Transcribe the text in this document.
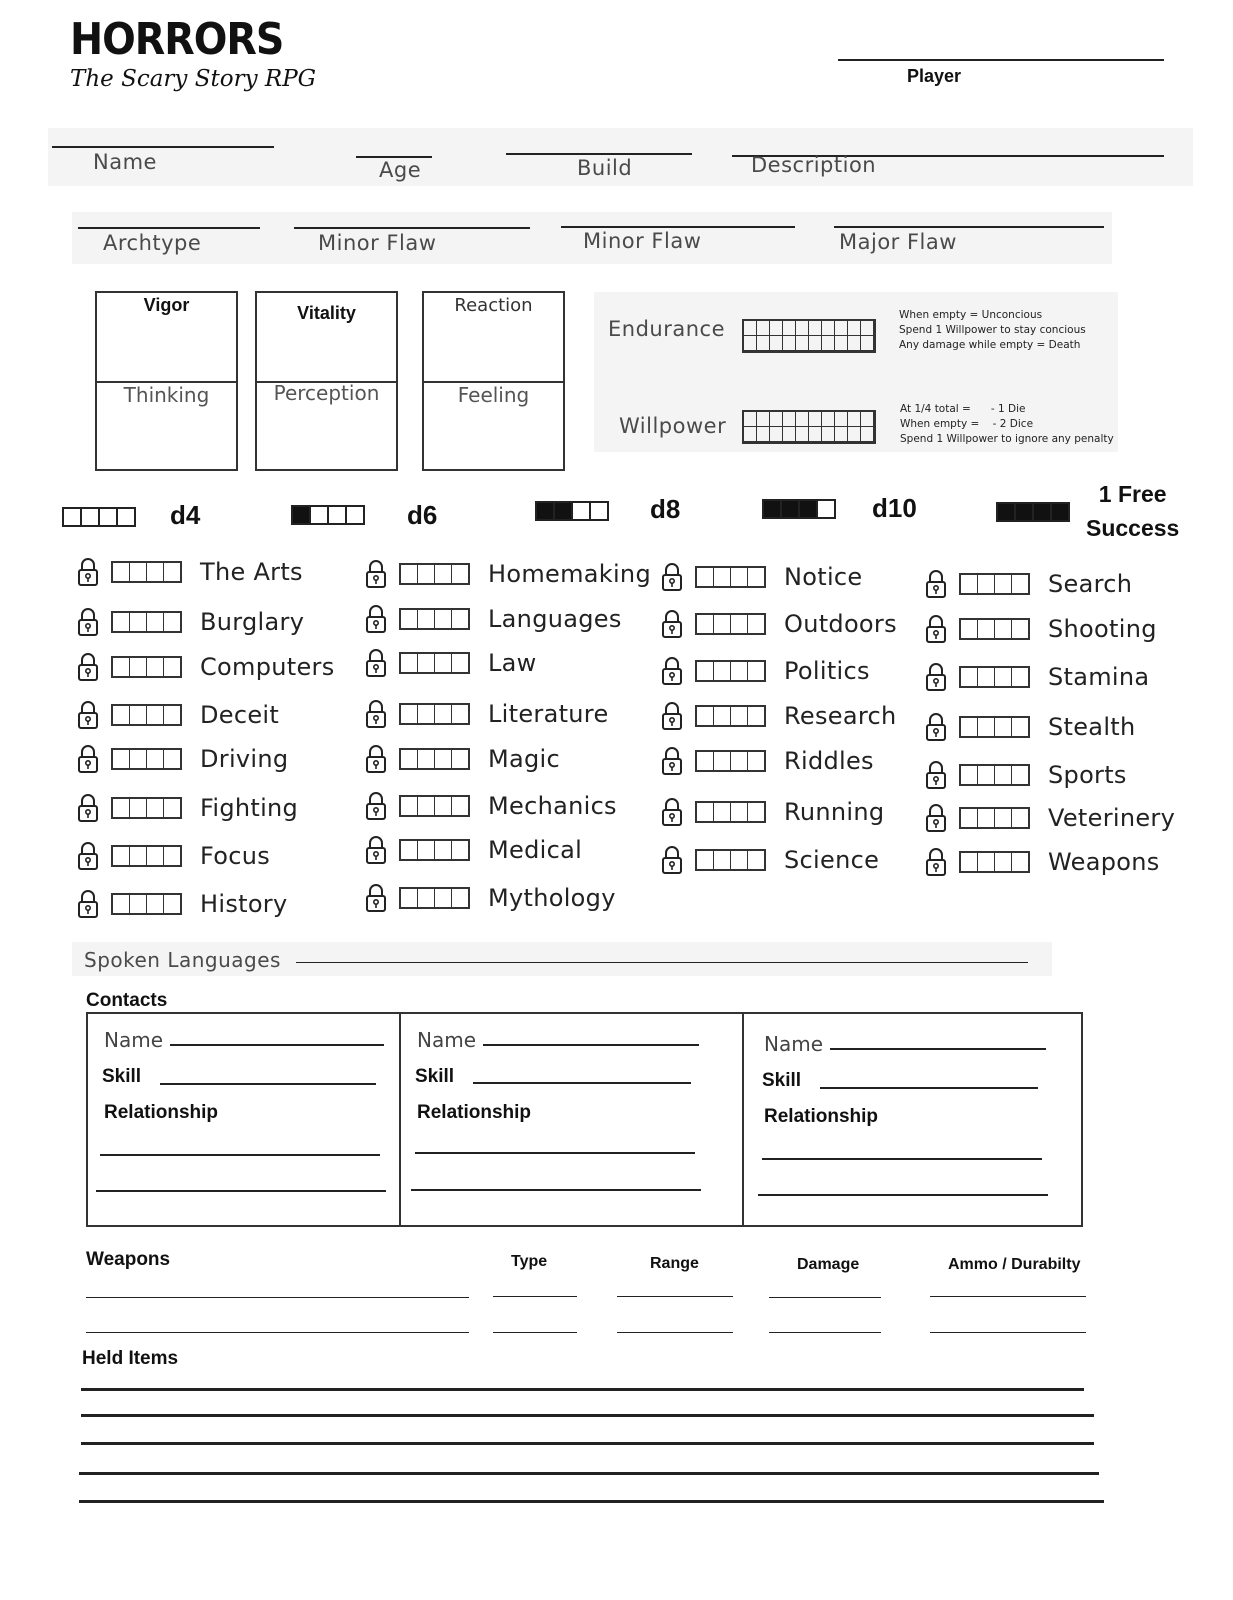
HORRORS
The Scary Story RPG	Player
Name	Age	Build	Description
Archtype	Minor Flaw	Minor Flaw	Major Flaw
Vigor
Thinking
Vitality
Perception
Reaction
Feeling
Endurance
When empty = Unconcious
Spend 1 Willpower to stay concious
Any damage while empty = Death
Willpower
At 1/4 total =      - 1 Die
When empty =    - 2 Dice
Spend 1 Willpower to ignore any penalty
d4	d6	d8	d10	1 Free
Success
The Arts
Burglary
Computers
Deceit
Driving
Fighting
Focus
History
Homemaking
Languages
Law
Literature
Magic
Mechanics
Medical
Mythology
Notice
Outdoors
Politics
Research
Riddles
Running
Science
Search
Shooting
Stamina
Stealth
Sports
Veterinery
Weapons
Spoken Languages
Contacts
Name
Skill
Relationship
Name
Skill
Relationship
Name
Skill
Relationship
Weapons	Type	Range	Damage	Ammo / Durabilty
Held Items
